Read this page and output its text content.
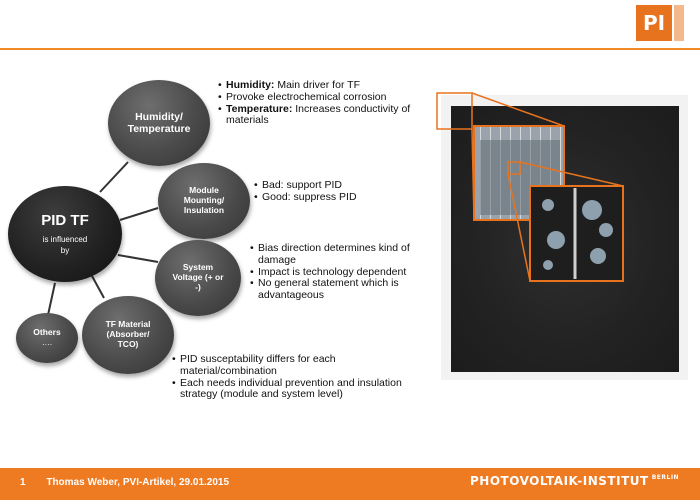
PI
Humidity/ Temperature
PID TF
is influenced by
Module Mounting/ Insulation
System Voltage (+ or -)
TF Material (Absorber/ TCO)
Others
….
• Humidity: Main driver for TF
• Provoke electrochemical corrosion
• Temperature: Increases conductivity of materials
• Bad: support PID
• Good: suppress PID
• Bias direction determines kind of damage
• Impact is technology dependent
• No general statement which is advantageous
• PID susceptability differs for each material/combination
• Each needs individual prevention and insulation strategy (module and system level)
1 Thomas Weber, PVI-Artikel, 29.01.2015	PHOTOVOLTAIK-INSTITUT $^{BERLIN}$
